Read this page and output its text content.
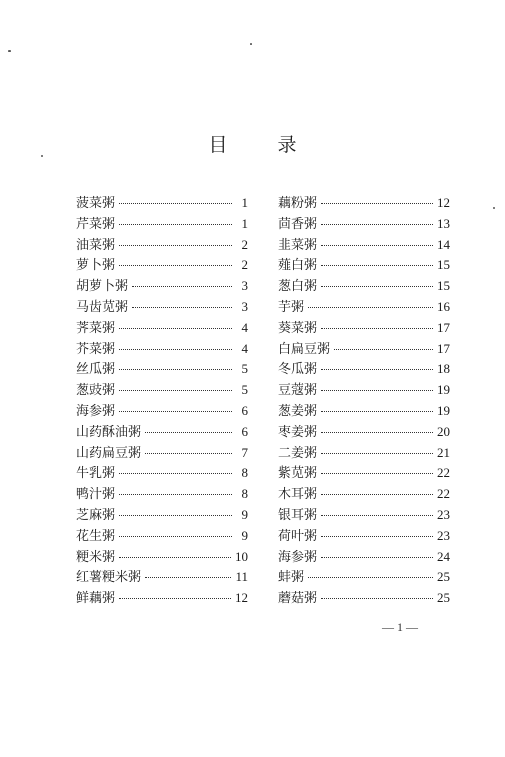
目 录
菠菜粥	1
芹菜粥	1
油菜粥	2
萝卜粥	2
胡萝卜粥	3
马齿苋粥	3
荠菜粥	4
芥菜粥	4
丝瓜粥	5
葱豉粥	5
海参粥	6
山药酥油粥	6
山药扁豆粥	7
牛乳粥	8
鸭汁粥	8
芝麻粥	9
花生粥	9
粳米粥	10
红薯粳米粥	11
鲜藕粥	12
藕粉粥	12
茴香粥	13
韭菜粥	14
薤白粥	15
葱白粥	15
芋粥	16
葵菜粥	17
白扁豆粥	17
冬瓜粥	18
豆蔻粥	19
葱姜粥	19
枣姜粥	20
二姜粥	21
紫苋粥	22
木耳粥	22
银耳粥	23
荷叶粥	23
海参粥	24
蚌粥	25
蘑菇粥	25
— 1 —
